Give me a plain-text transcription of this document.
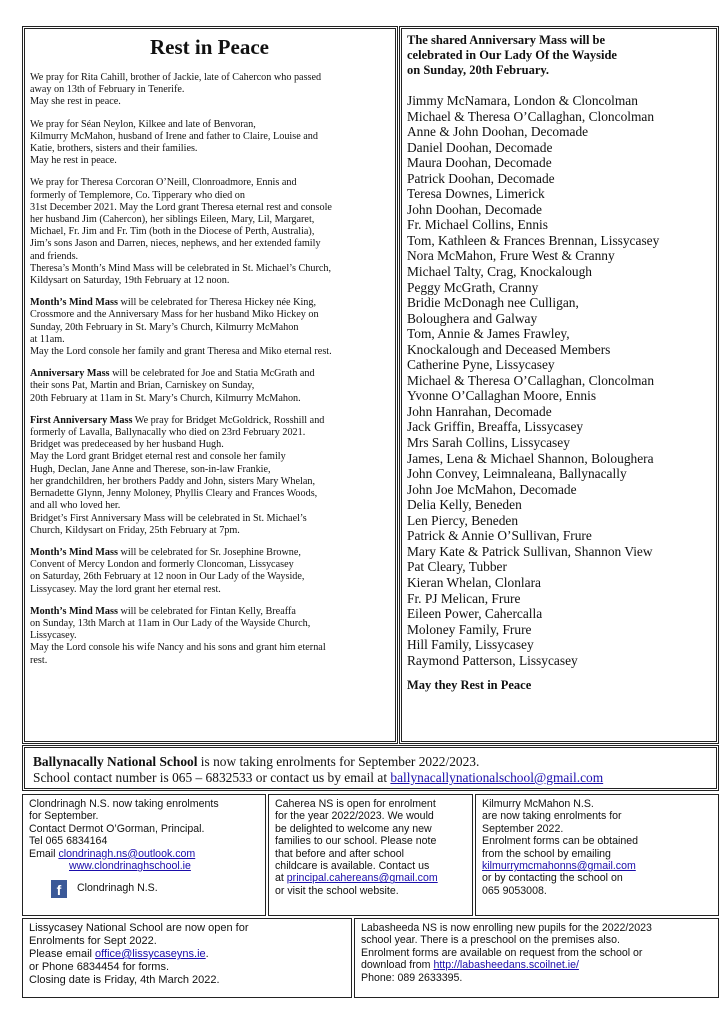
Rest in Peace

We pray for Rita Cahill, brother of Jackie, late of Cahercon who passed
away on 13th of February in Tenerife.
May she rest in peace.

We pray for Séan Neylon, Kilkee and late of Benvoran,
Kilmurry McMahon, husband of Irene and father to Claire, Louise and
Katie, brothers, sisters and their families.
May he rest in peace.

We pray for Theresa Corcoran O’Neill, Clonroadmore, Ennis and
formerly of Templemore, Co. Tipperary who died on
31st December 2021. May the Lord grant Theresa eternal rest and console
her husband Jim (Cahercon), her siblings Eileen, Mary, Lil, Margaret,
Michael, Fr. Jim and Fr. Tim (both in the Diocese of Perth, Australia),
Jim’s sons Jason and Darren, nieces, nephews, and her extended family
and friends.
Theresa’s Month’s Mind Mass will be celebrated in St. Michael’s Church,
Kildysart on Saturday, 19th February at 12 noon.

Month’s Mind Mass will be celebrated for Theresa Hickey née King,
Crossmore and the Anniversary Mass for her husband Miko Hickey on
Sunday, 20th February in St. Mary’s Church, Kilmurry McMahon
at 11am.
May the Lord console her family and grant Theresa and Miko eternal rest.

Anniversary Mass will be celebrated for Joe and Statia McGrath and
their sons Pat, Martin and Brian, Carniskey on Sunday,
20th February at 11am in St. Mary’s Church, Kilmurry McMahon.

First Anniversary Mass We pray for Bridget McGoldrick, Rosshill and
formerly of Lavalla, Ballynacally who died on 23rd February 2021.
Bridget was predeceased by her husband Hugh.
May the Lord grant Bridget eternal rest and console her family
Hugh, Declan, Jane Anne and Therese, son-in-law Frankie,
her grandchildren, her brothers Paddy and John, sisters Mary Whelan,
Bernadette Glynn, Jenny Moloney, Phyllis Cleary and Frances Woods,
and all who loved her.
Bridget’s First Anniversary Mass will be celebrated in St. Michael’s
Church, Kildysart on Friday, 25th February at 7pm.

Month’s Mind Mass will be celebrated for Sr. Josephine Browne,
Convent of Mercy London and formerly Cloncoman, Lissycasey
on Saturday, 26th February at 12 noon in Our Lady of the Wayside,
Lissycasey. May the lord grant her eternal rest.

Month’s Mind Mass will be celebrated for Fintan Kelly, Breaffa
on Sunday, 13th March at 11am in Our Lady of the Wayside Church,
Lissycasey.
May the Lord console his wife Nancy and his sons and grant him eternal
rest.

The shared Anniversary Mass will be
celebrated in Our Lady Of the Wayside
on Sunday, 20th February.

Jimmy McNamara, London & Cloncolman
Michael & Theresa O’Callaghan, Cloncolman
Anne & John Doohan, Decomade
Daniel Doohan, Decomade
Maura Doohan, Decomade
Patrick Doohan, Decomade
Teresa Downes, Limerick
John Doohan, Decomade
Fr. Michael Collins, Ennis
Tom, Kathleen & Frances Brennan, Lissycasey
Nora McMahon, Frure West & Cranny
Michael Talty, Crag, Knockalough
Peggy McGrath, Cranny
Bridie McDonagh nee Culligan,
Boloughera and Galway
Tom, Annie & James Frawley,
Knockalough and Deceased Members
Catherine Pyne, Lissycasey
Michael & Theresa O’Callaghan, Cloncolman
Yvonne O’Callaghan Moore, Ennis
John Hanrahan, Decomade
Jack Griffin, Breaffa, Lissycasey
Mrs Sarah Collins, Lissycasey
James, Lena & Michael Shannon, Boloughera
John Convey, Leimnaleana, Ballynacally
John Joe McMahon, Decomade
Delia Kelly, Beneden
Len Piercy, Beneden
Patrick & Annie O’Sullivan, Frure
Mary Kate & Patrick Sullivan, Shannon View
Pat Cleary, Tubber
Kieran Whelan, Clonlara
Fr. PJ Melican, Frure
Eileen Power, Cahercalla
Moloney Family, Frure
Hill Family, Lissycasey
Raymond Patterson, Lissycasey

May they Rest in Peace
Ballynacally National School is now taking enrolments for September 2022/2023.
School contact number is 065 – 6832533 or contact us by email at ballynacallynationalschool@gmail.com
Clondrinagh N.S. now taking enrolments
for September.
Contact Dermot O’Gorman, Principal.
Tel 065 6834164
Email clondrinagh.ns@outlook.com
www.clondrinaghschool.ie

f Clondrinagh N.S.
Caherea NS is open for enrolment
for the year 2022/2023. We would
be delighted to welcome any new
families to our school. Please note
that before and after school
childcare is available. Contact us
at principal.cahereans@gmail.com
or visit the school website.
Kilmurry McMahon N.S.
are now taking enrolments for
September 2022.
Enrolment forms can be obtained
from the school by emailing
kilmurrymcmahonns@gmail.com
or by contacting the school on
065 9053008.
Lissycasey National School are now open for
Enrolments for Sept 2022.
Please email office@lissycaseyns.ie.
or Phone 6834454 for forms.
Closing date is Friday, 4th March 2022.
Labasheeda NS is now enrolling new pupils for the 2022/2023
school year. There is a preschool on the premises also.
Enrolment forms are available on request from the school or
download from http://labasheedans.scoilnet.ie/
Phone: 089 2633395.
